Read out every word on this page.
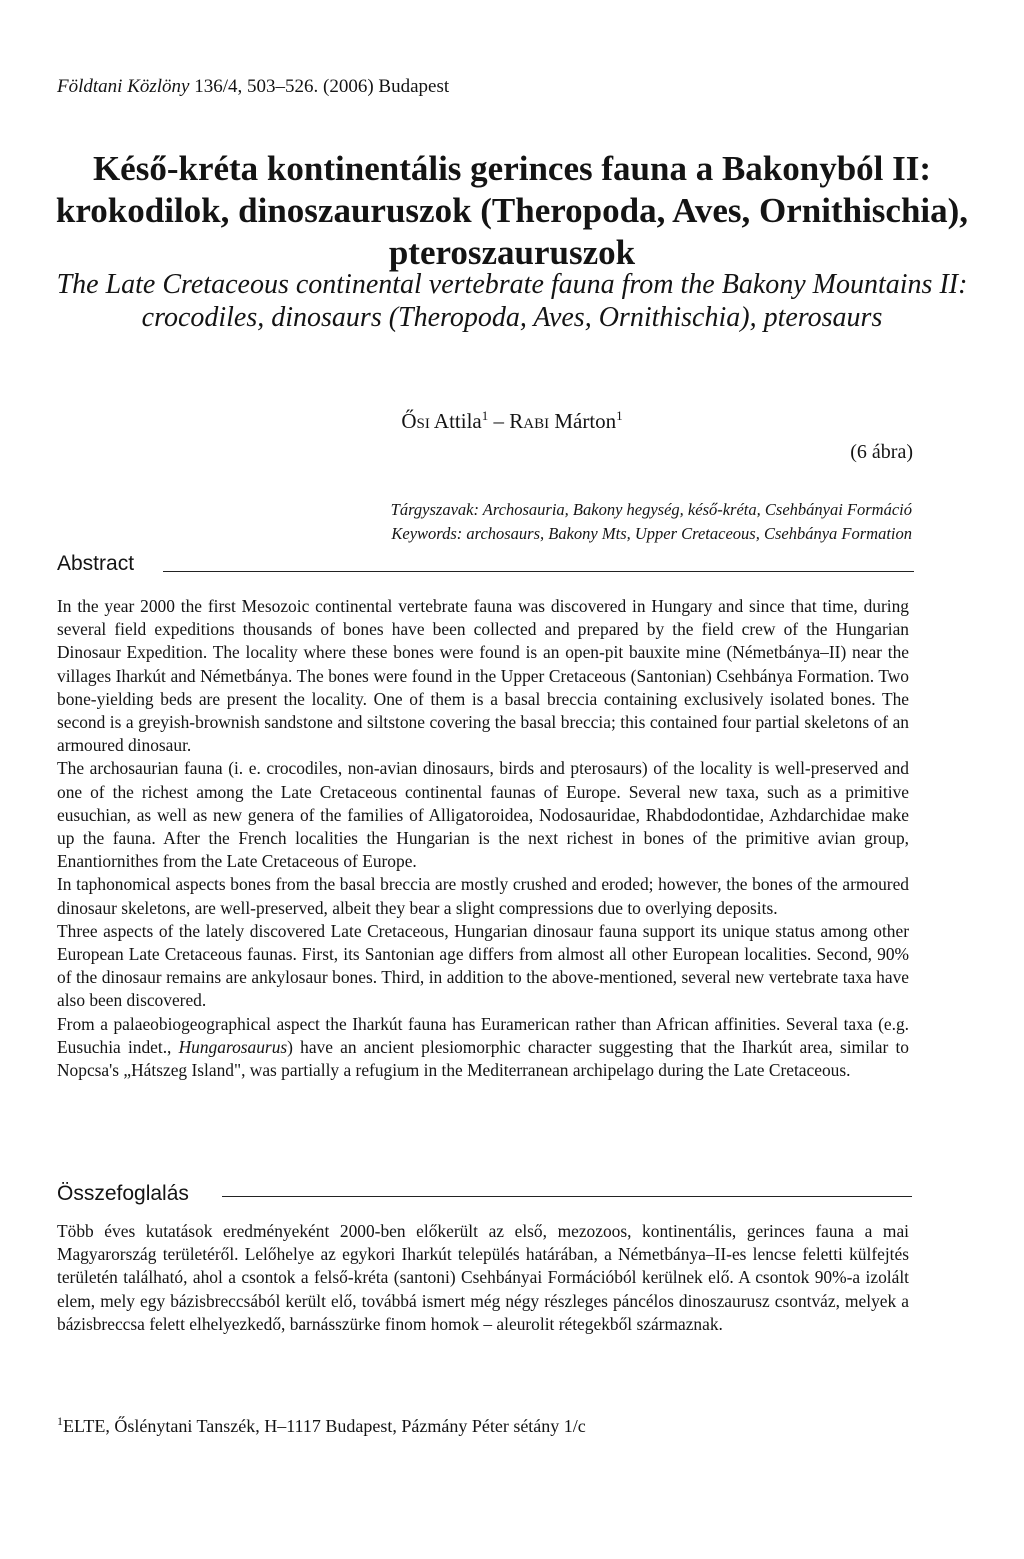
Földtani Közlöny 136/4, 503–526. (2006) Budapest
Késő-kréta kontinentális gerinces fauna a Bakonyból II: krokodilok, dinoszauruszok (Theropoda, Aves, Ornithischia), pteroszauruszok
The Late Cretaceous continental vertebrate fauna from the Bakony Mountains II: crocodiles, dinosaurs (Theropoda, Aves, Ornithischia), pterosaurs
Ősi Attila$^1$ – Rabi Márton$^1$
(6 ábra)
Tárgyszavak: Archosauria, Bakony hegység, késő-kréta, Csehbányai Formáció
Keywords: archosaurs, Bakony Mts, Upper Cretaceous, Csehbánya Formation
Abstract

In the year 2000 the first Mesozoic continental vertebrate fauna was discovered in Hungary and since that time, during several field expeditions thousands of bones have been collected and prepared by the field crew of the Hungarian Dinosaur Expedition. The locality where these bones were found is an open-pit bauxite mine (Németbánya–II) near the villages Iharkút and Németbánya. The bones were found in the Upper Cretaceous (Santonian) Csehbánya Formation. Two bone-yielding beds are present the locality. One of them is a basal breccia containing exclusively isolated bones. The second is a greyish-brownish sandstone and siltstone covering the basal breccia; this contained four partial skeletons of an armoured dinosaur.

The archosaurian fauna (i. e. crocodiles, non-avian dinosaurs, birds and pterosaurs) of the locality is well-preserved and one of the richest among the Late Cretaceous continental faunas of Europe. Several new taxa, such as a primitive eusuchian, as well as new genera of the families of Alligatoroidea, Nodosauridae, Rhabdodontidae, Azhdarchidae make up the fauna. After the French localities the Hungarian is the next richest in bones of the primitive avian group, Enantiornithes from the Late Cretaceous of Europe.

In taphonomical aspects bones from the basal breccia are mostly crushed and eroded; however, the bones of the armoured dinosaur skeletons, are well-preserved, albeit they bear a slight compressions due to overlying deposits.

Three aspects of the lately discovered Late Cretaceous, Hungarian dinosaur fauna support its unique status among other European Late Cretaceous faunas. First, its Santonian age differs from almost all other European localities. Second, 90% of the dinosaur remains are ankylosaur bones. Third, in addition to the above-mentioned, several new vertebrate taxa have also been discovered.

From a palaeobiogeographical aspect the Iharkút fauna has Euramerican rather than African affinities. Several taxa (e.g. Eusuchia indet., Hungarosaurus) have an ancient plesiomorphic character suggesting that the Iharkút area, similar to Nopcsa's „Hátszeg Island", was partially a refugium in the Mediterranean archipelago during the Late Cretaceous.

Összefoglalás

Több éves kutatások eredményeként 2000-ben előkerült az első, mezozoos, kontinentális, gerinces fauna a mai Magyarország területéről. Lelőhelye az egykori Iharkút település határában, a Németbánya–II-es lencse feletti külfejtés területén található, ahol a csontok a felső-kréta (santoni) Csehbányai Formációból kerülnek elő. A csontok 90%-a izolált elem, mely egy bázisbreccsából került elő, továbbá ismert még négy részleges páncélos dinoszaurusz csontváz, melyek a bázisbreccsa felett elhelyezkedő, barnásszürke finom homok – aleurolit rétegekből származnak.

$^1$ELTE, Őslénytani Tanszék, H–1117 Budapest, Pázmány Péter sétány 1/c
